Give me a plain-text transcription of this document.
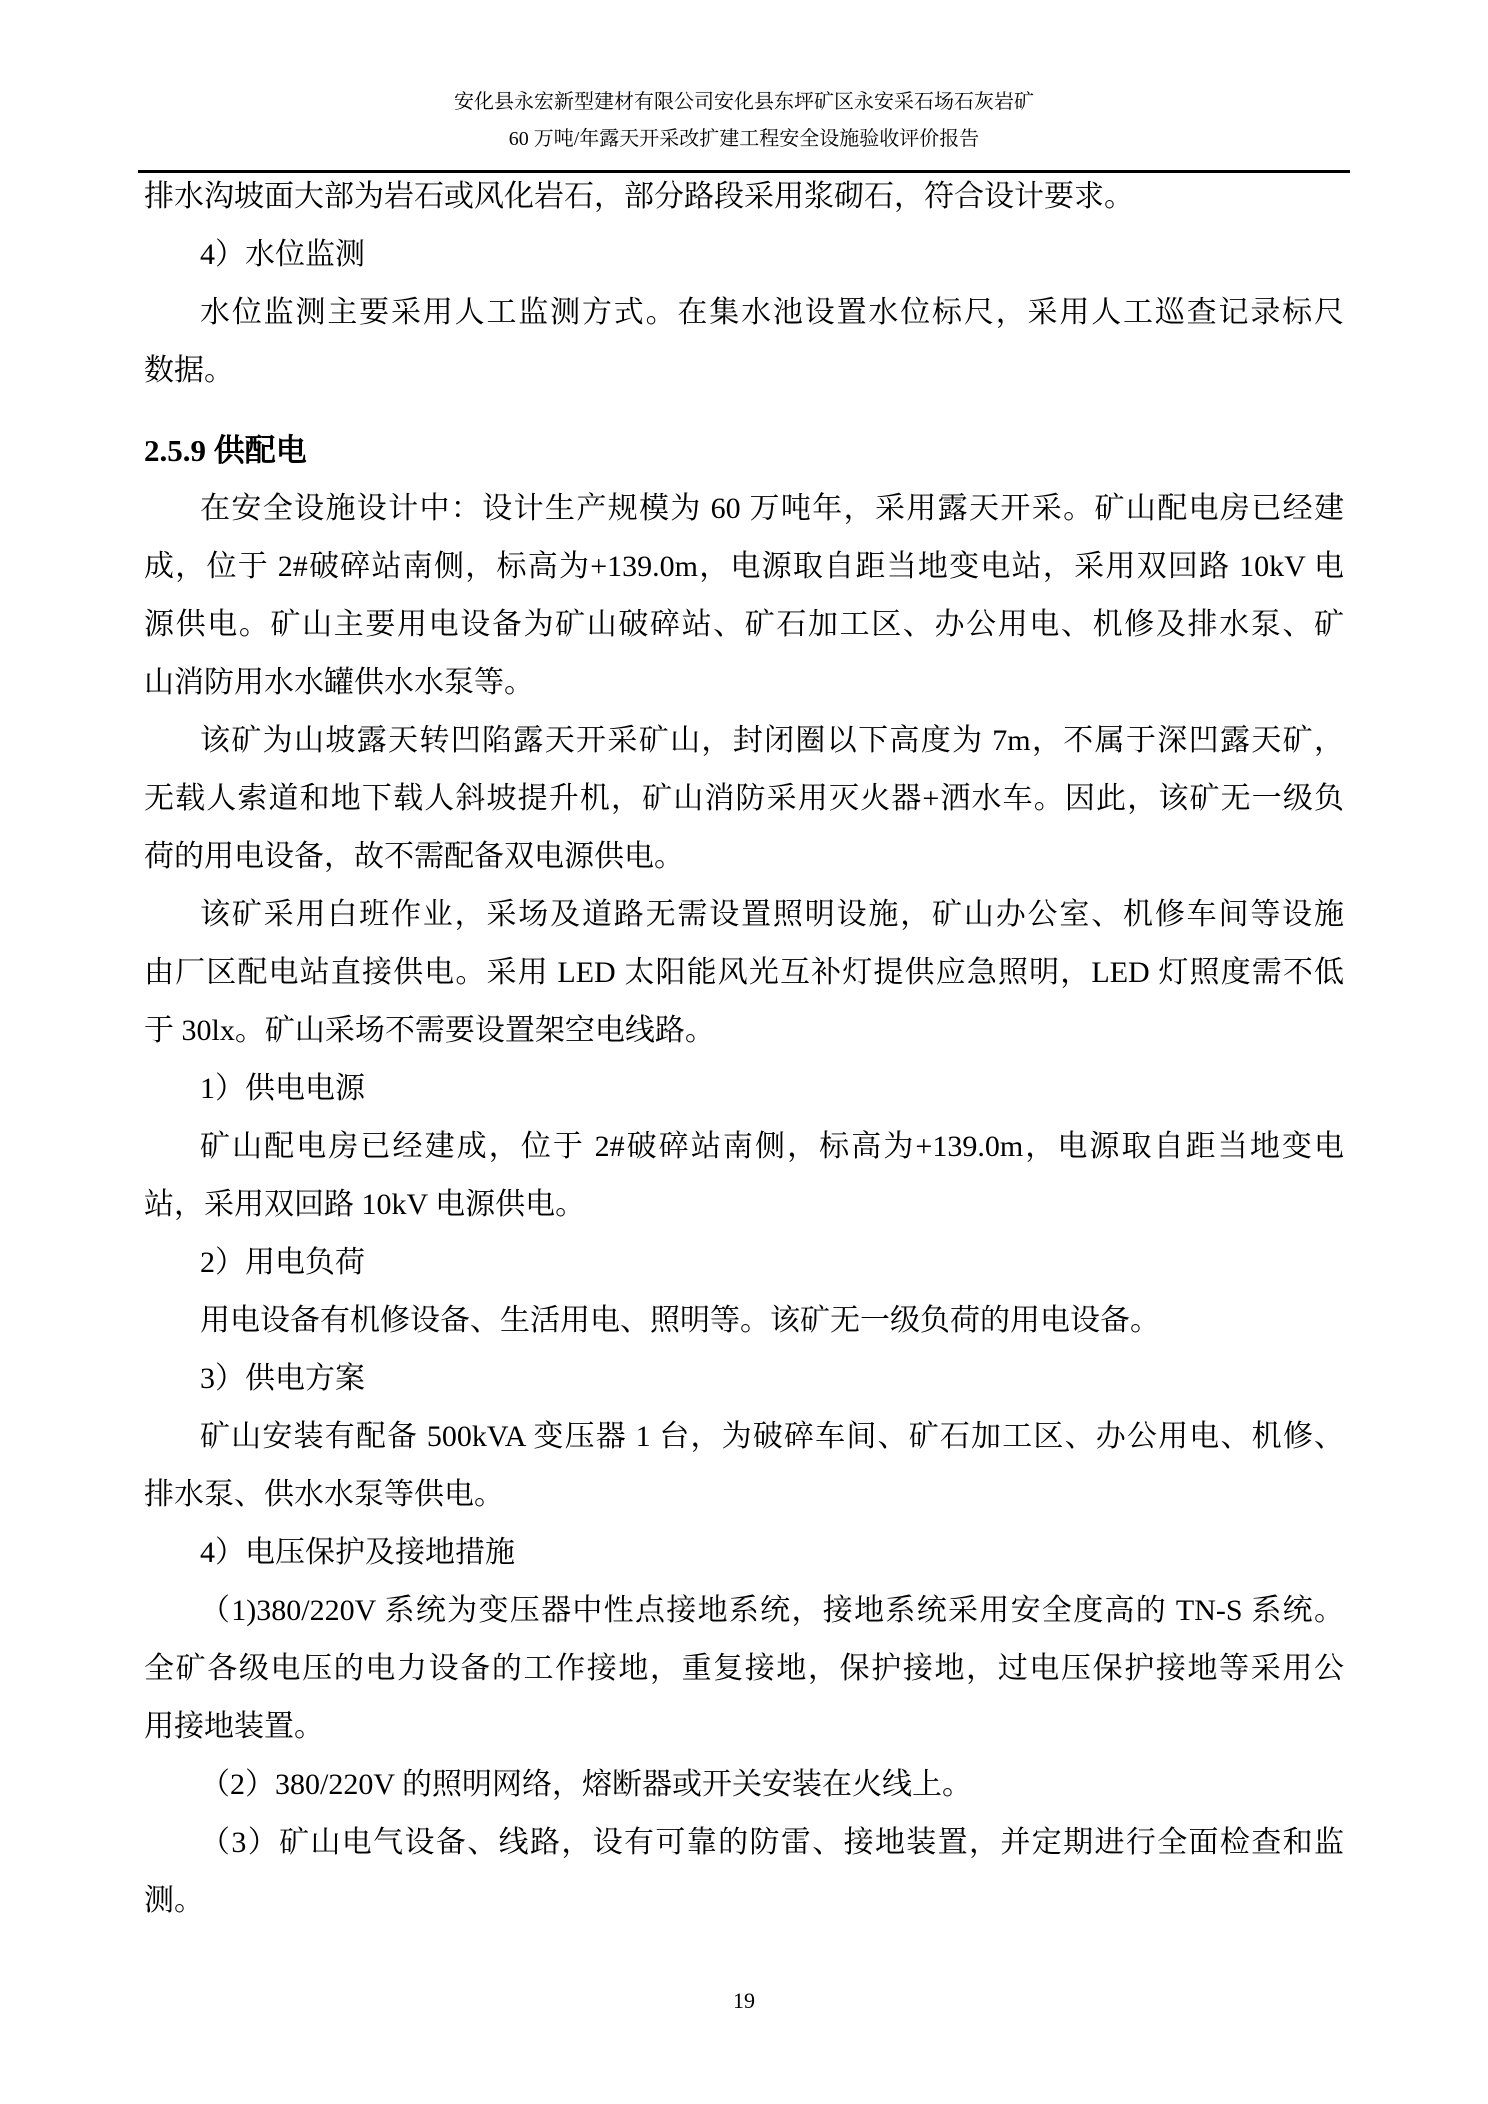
安化县永宏新型建材有限公司安化县东坪矿区永安采石场石灰岩矿
60 万吨/年露天开采改扩建工程安全设施验收评价报告
排水沟坡面大部为岩石或风化岩石，部分路段采用浆砌石，符合设计要求。
4）水位监测
水位监测主要采用人工监测方式。在集水池设置水位标尺，采用人工巡查记录标尺
数据。
2.5.9 供配电
在安全设施设计中：设计生产规模为 60 万吨年，采用露天开采。矿山配电房已经建
成，位于 2#破碎站南侧，标高为+139.0m，电源取自距当地变电站，采用双回路 10kV 电
源供电。矿山主要用电设备为矿山破碎站、矿石加工区、办公用电、机修及排水泵、矿
山消防用水水罐供水水泵等。
该矿为山坡露天转凹陷露天开采矿山，封闭圈以下高度为 7m，不属于深凹露天矿，
无载人索道和地下载人斜坡提升机，矿山消防采用灭火器+洒水车。因此，该矿无一级负
荷的用电设备，故不需配备双电源供电。
该矿采用白班作业，采场及道路无需设置照明设施，矿山办公室、机修车间等设施
由厂区配电站直接供电。采用 LED 太阳能风光互补灯提供应急照明，LED 灯照度需不低
于 30lx。矿山采场不需要设置架空电线路。
1）供电电源
矿山配电房已经建成，位于 2#破碎站南侧，标高为+139.0m，电源取自距当地变电
站，采用双回路 10kV 电源供电。
2）用电负荷
用电设备有机修设备、生活用电、照明等。该矿无一级负荷的用电设备。
3）供电方案
矿山安装有配备 500kVA 变压器 1 台，为破碎车间、矿石加工区、办公用电、机修、
排水泵、供水水泵等供电。
4）电压保护及接地措施
（1)380/220V 系统为变压器中性点接地系统，接地系统采用安全度高的 TN-S 系统。
全矿各级电压的电力设备的工作接地，重复接地，保护接地，过电压保护接地等采用公
用接地装置。
（2）380/220V 的照明网络，熔断器或开关安装在火线上。
（3）矿山电气设备、线路，设有可靠的防雷、接地装置，并定期进行全面检查和监
测。
19
